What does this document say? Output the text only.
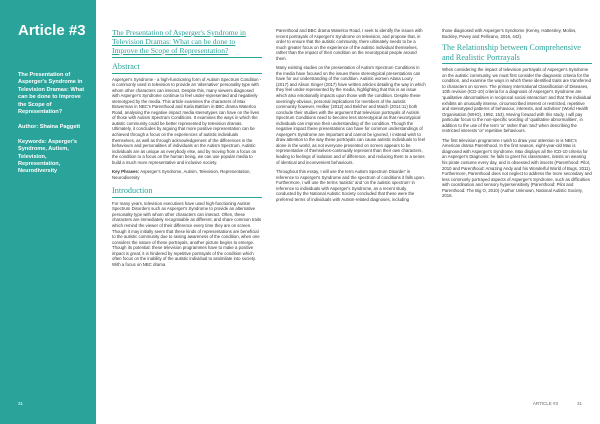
Article #3
The Presentation of Asperger's Syndrome in Television Dramas: What can be done to Improve the Scope of Representation?
Author: Shaina Paggett
Keywords: Asperger's Syndrome, Autism, Television, Representation, Neurodiversity
31

The Presentation of Asperger's Syndrome in Television Dramas: What can be done to Improve the Scope of Representation?

Abstract

Asperger's Syndrome - a high-functioning form of Autism Spectrum Condition - is commonly used in television to provide an 'alternative' personality type with whom other characters can interact. Despite this, many viewers diagnosed with Asperger's Syndrome continue to feel under-represented and negatively stereotyped by the media. This article examines the characters of Max Braverman in NBC's Parenthood and Karla Battlorn in BBC drama Waterloo Road, analysing the negative impact media stereotypes can have on the lives of those with Autism Spectrum Conditions. It examines the ways in which the autistic community could be better represented by television dramas. Ultimately, it concludes by arguing that more positive representation can be achieved through a focus on the experiences of autistic individuals themselves, as well as through acknowledgement of the differences in the behaviours and personalities of individuals on the Autism Spectrum. Autistic individuals are as unique as everybody else, and by moving from a focus on the condition to a focus on the human being, we can use popular media to build a much more representative and inclusive society.

Key Phrases: Asperger's Syndrome, Autism, Television, Representation, Neurodiversity

Introduction

For many years, television executives have used high-functioning Autism Spectrum Disorders such as Asperger's Syndrome to provide an alternative personality type with whom other characters can interact. Often, these characters are immediately recognisable as different, and share common traits which remind the viewer of their difference every time they are on screen. Though it may initially seem that these kinds of representations are beneficial to the autistic community due to raising awareness of the condition, when one considers the nature of these portrayals, another picture begins to emerge. Though its potential: these television programmes have to make a positive impact is great, it is hindered by repetitive portrayals of the condition which often focus on the inability of the autistic individual to assimilate into society. With a focus on NBC drama

Parenthood and BBC drama Waterloo Road, I seek to identify the issues with recent portrayals of Asperger's Syndrome on television, and propose that, in order to ensure that the autistic community, there ultimately needs to be a much greater focus on the experience of the autistic individual themselves, rather than the impact of their condition on the neurotypical people around them.

Many existing studies on the presentation of Autism Spectrum Conditions in the media have focused on the issues these stereotypical presentations can have for our understanding of the condition. Autistic women Alana Loury (2017) and Alison Singer (2017) have written articles detailing the way in which they feel under-represented by the media, highlighting that this is an issue which also emotionally impacts upon those with the condition. Despite these seemingly-obvious, personal implications for members of the autistic community however, Heilker (2012) and Belcher and Maich (2014:11) both conclude their studies with the argument that television portrayals of Autism Spectrum Conditions need to become less stereotypical as that neurotypical individuals can improve their understanding of the condition. Though the negative impact these presentations can have for common understandings of Asperger's Syndrome are important and cannot be ignored, I instead wish to draw attention to the way these portrayals can cause autistic individuals to feel alone in the world, as not everyone presented on screen appears to be representative of themselves-continually represent than their own characters, leading to feelings of isolation and of difference, and reducing them to a series of identical and inconvenient behaviours.

Throughout this essay, I will use the term Autism Spectrum Disorder' in reference to Asperger's Syndrome and the spectrum of conditions it falls upon. Furthermore, I will use the terms 'autistic' and 'on the autistic spectrum' in reference to individuals with Asperger's Syndrome, as a recent study conducted by the National Autistic Society concluded that these were the preferred terms of individuals with Autism-related diagnoses, including

those diagnosed with Asperger's Syndrome (Kenny, Hattersley, Molins, Buckley, Povey and Pellicano, 2016, 442).

The Relationship between Comprehensive and Realistic Portrayals

When considering the impact of television portrayals of Asperger's Syndrome on the autistic community, we must first consider the diagnostic criteria for the condition, and examine the ways in which these identified traits are transferred to characters on screen. The primary International Classification of Diseases, 10th revision (ICD-10) criteria for a diagnosis of Asperger's Syndrome are 'qualitative abnormalities in reciprocal social interaction' and that 'the individual exhibits an unusually intense, circumscribed interest or restricted, repetitive and stereotyped patterns of behaviour, interests, and activities' (World Health Organisation (WHO), 1992, 153). Moving forward with this study, I will pay particular focus to the non-specific wording of 'qualitative abnormalities', in addition to the use of the term 'or' rather than 'and' when describing the restricted interests 'or' repetitive behaviours.

The first television programme I wish to draw your attention to is NBC's American drama Parenthood. In the first season, eight-year-old Max is diagnosed with Asperger's Syndrome. Max displays all the ICD-10 criteria for an Asperger's Diagnosis: he fails to greet his classmates, insists on wearing his pirate costume every day, and is obsessed with insects (Parenthood: Pilot, 2010 and Parenthood: Amazing Andy and his Wonderful World of Bugs, 2011). Furthermore, Parenthood does not neglect to address the more secondary and less commonly portrayed aspects of Asperger's Syndrome, such as difficulties with coordination and sensory hypersensitivity (Parenthood: Pilot and Parenthood: The Big O, 2010) (Author Unknown, National Autistic Society, 2016.

ARTICLE #3	31
